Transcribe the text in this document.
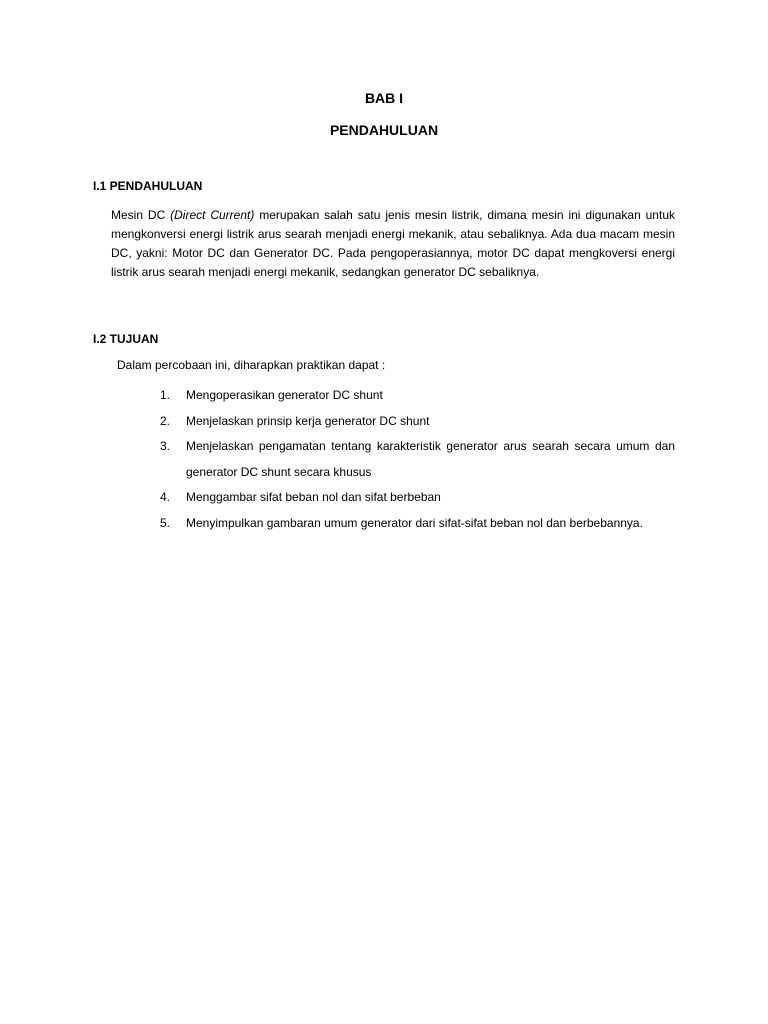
BAB I
PENDAHULUAN
I.1 PENDAHULUAN

Mesin DC (Direct Current) merupakan salah satu jenis mesin listrik, dimana mesin ini digunakan untuk mengkonversi energi listrik arus searah menjadi energi mekanik, atau sebaliknya. Ada dua macam mesin DC, yakni: Motor DC dan Generator DC. Pada pengoperasiannya, motor DC dapat mengkoversi energi listrik arus searah menjadi energi mekanik, sedangkan generator DC sebaliknya.

I.2 TUJUAN

Dalam percobaan ini, diharapkan praktikan dapat :

1. Mengoperasikan generator DC shunt
2. Menjelaskan prinsip kerja generator DC shunt
3. Menjelaskan pengamatan tentang karakteristik generator arus searah secara umum dan generator DC shunt secara khusus
4. Menggambar sifat beban nol dan sifat berbeban
5. Menyimpulkan gambaran umum generator dari sifat-sifat beban nol dan berbebannya.
